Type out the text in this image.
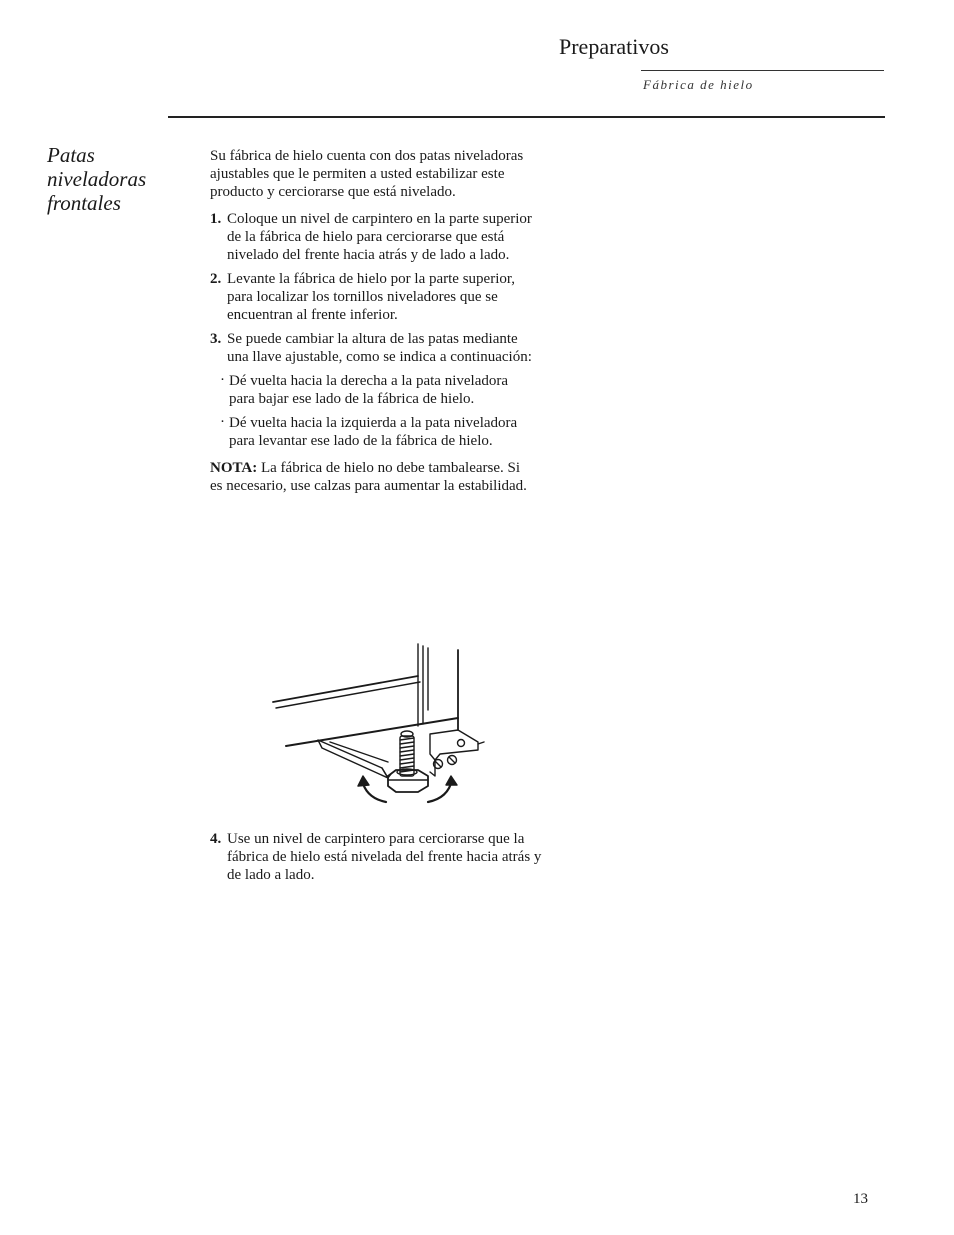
Preparativos
Fábrica de hielo
Patas niveladoras frontales

Su fábrica de hielo cuenta con dos patas niveladoras ajustables que le permiten a usted estabilizar este producto y cerciorarse que está nivelado.

1. Coloque un nivel de carpintero en la parte superior de la fábrica de hielo para cerciorarse que está nivelado del frente hacia atrás y de lado a lado.
2. Levante la fábrica de hielo por la parte superior, para localizar los tornillos niveladores que se encuentran al frente inferior.
3. Se puede cambiar la altura de las patas mediante una llave ajustable, como se indica a continuación:
· Dé vuelta hacia la derecha a la pata niveladora para bajar ese lado de la fábrica de hielo.
· Dé vuelta hacia la izquierda a la pata niveladora para levantar ese lado de la fábrica de hielo.

NOTA: La fábrica de hielo no debe tambalearse. Si es necesario, use calzas para aumentar la estabilidad.

4. Use un nivel de carpintero para cerciorarse que la fábrica de hielo está nivelada del frente hacia atrás y de lado a lado.
13
